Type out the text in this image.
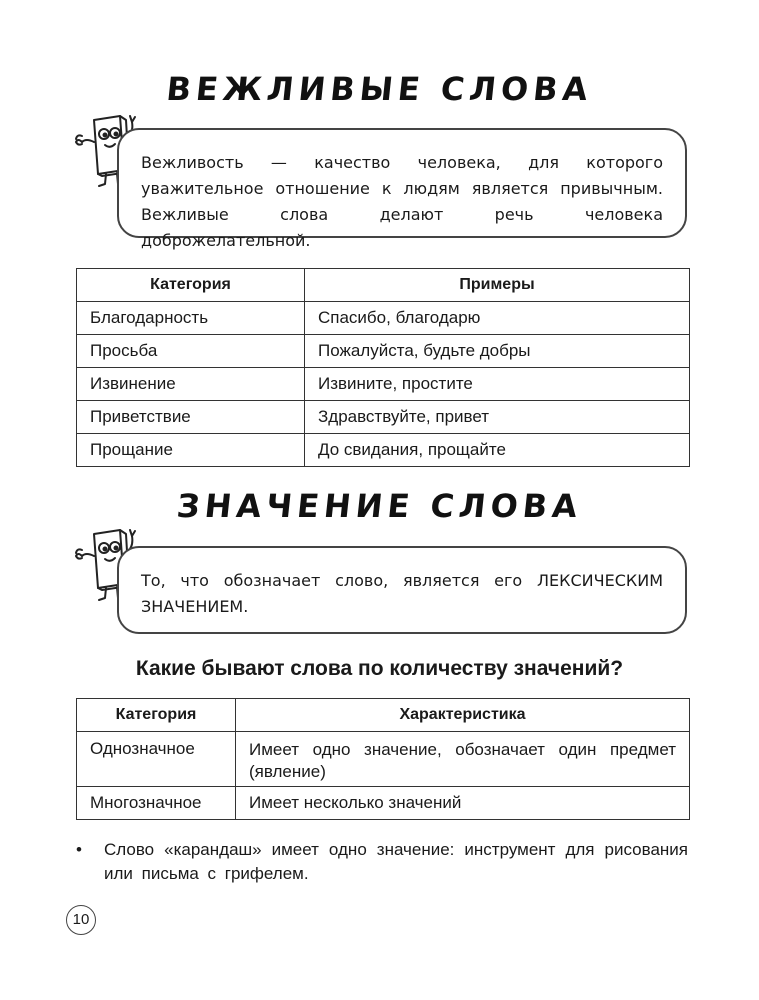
ВЕЖЛИВЫЕ СЛОВА

Вежливость — качество человека, для которого уважительное отношение к людям является привычным. Вежливые слова делают речь человека доброжелательной.

Категория	Примеры
Благодарность	Спасибо, благодарю
Просьба	Пожалуйста, будьте добры
Извинение	Извините, простите
Приветствие	Здравствуйте, привет
Прощание	До свидания, прощайте
ЗНАЧЕНИЕ СЛОВА

То, что обозначает слово, является его ЛЕКСИЧЕСКИМ ЗНАЧЕНИЕМ.

Какие бывают слова по количеству значений?
Категория	Характеристика
Однозначное	Имеет одно значение, обозначает один предмет (явление)
Многозначное	Имеет несколько значений
• Слово «карандаш» имеет одно значение: инструмент для рисования или письма с грифелем.
10
